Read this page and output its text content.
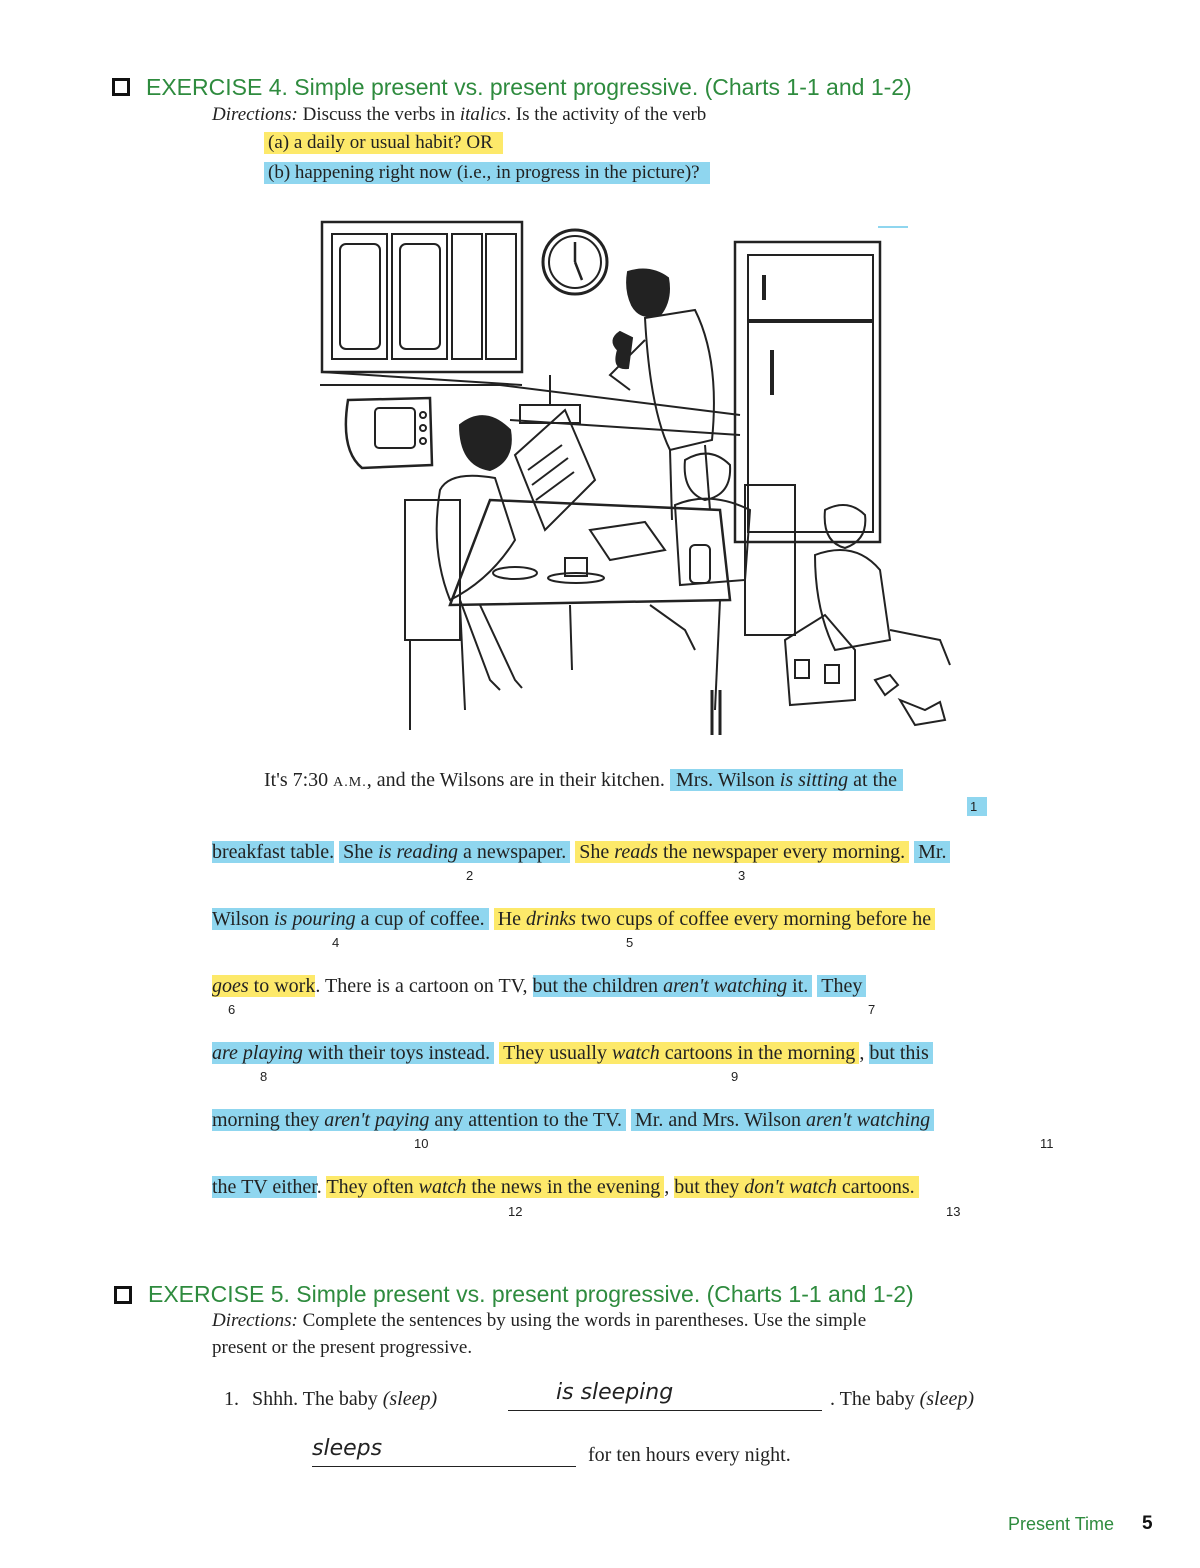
EXERCISE 4. Simple present vs. present progressive. (Charts 1-1 and 1-2)
Directions: Discuss the verbs in italics. Is the activity of the verb
(a) a daily or usual habit? OR
(b) happening right now (i.e., in progress in the picture)?
It's 7:30 A.M., and the Wilsons are in their kitchen. Mrs. Wilson is sitting at the
1
breakfast table. She is reading a newspaper. She reads the newspaper every morning. Mr.
2	3
Wilson is pouring a cup of coffee. He drinks two cups of coffee every morning before he
4	5
goes to work. There is a cartoon on TV, but the children aren't watching it. They
6	7
are playing with their toys instead. They usually watch cartoons in the morning , but this
8	9
morning they aren't paying any attention to the TV. Mr. and Mrs. Wilson aren't watching
10	11
the TV either. They often watch the news in the evening , but they don't watch cartoons.
12	13
EXERCISE 5. Simple present vs. present progressive. (Charts 1-1 and 1-2)
Directions: Complete the sentences by using the words in parentheses. Use the simple
present or the present progressive.
1. Shhh. The baby (sleep)	is sleeping	. The baby (sleep)
sleeps	for ten hours every night.
Present Time 5
